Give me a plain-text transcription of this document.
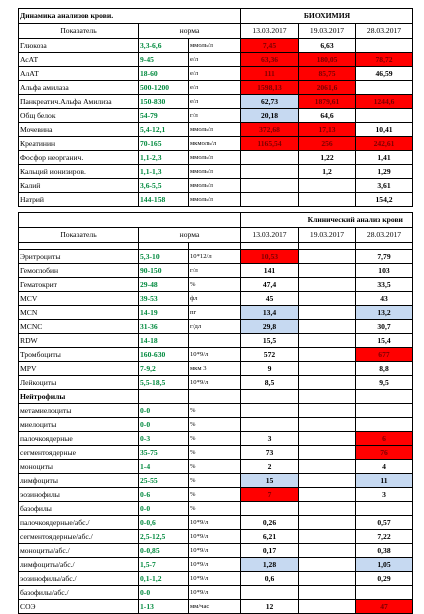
Динамика анализов крови.				БИОХИМИЯ	
Показатель	норма		13.03.2017	19.03.2017	28.03.2017
Глюкоза	3,3-6,6	ммоль/л	7,45	6,63	
АсАТ	9-45	е/л	63,36	180,05	78,72
АлАТ	18-60	е/л	111	85,75	46,59
Альфа амилаза	500-1200	е/л	1598,13	2061,6	
Панкреатич.Альфа Амилиза	150-830	е/л	62,73	1879,61	1244,6
Общ белок	54-79	г/л	20,18	64,6	
Мочевина	5,4-12,1	ммоль/л	372,68	17,13	10,41
Креатинин	70-165	мкмоль/л	1165,54	256	242,61
Фосфор неорганич.	1,1-2,3	ммоль/л		1,22	1,41
Кальций ионизиров.	1,1-1,3	ммоль/л		1,2	1,29
Калий	3,6-5,5	ммоль/л			3,61
Натрий	144-158	ммоль/л			154,2
				Клинический анализ крови	
Показатель	норма		13.03.2017	19.03.2017	28.03.2017

Эритроциты	5,3-10	10*12/л	10,53		7,79
Гемоглобин	90-150	г/л	141		103
Гематокрит	29-48	%	47,4		33,5
MCV	39-53	фл	45		43
MCN	14-19	пг	13,4		13,2
MCNC	31-36	г/дл	29,8		30,7
RDW	14-18		15,5		15,4
Тромбоциты	160-630	10*9/л	572		677
MPV	7-9,2	мкм 3	9		8,8
Лейкоциты	5,5-18,5	10*9/л	8,5		9,5
Нейтрофилы					
метамиелоциты	0-0	%			
миелоциты	0-0	%			
палочкоядерные	0-3	%	3		6
сегментоядерные	35-75	%	73		76
моноциты	1-4	%	2		4
лимфоциты	25-55	%	15		11
эозинофилы	0-6	%	7		3
базофилы	0-0	%			
палочкоядерные/абс./	0-0,6	10*9/л	0,26		0,57
сегментоядерные/абс./	2,5-12,5	10*9/л	6,21		7,22
моноциты/абс./	0-0,85	10*9/л	0,17		0,38
лимфоциты/абс./	1,5-7	10*9/л	1,28		1,05
эозинофилы/абс./	0,1-1,2	10*9/л	0,6		0,29
базофилы/абс./	0-0	10*9/л			
СОЭ	1-13	мм/час	12		47
